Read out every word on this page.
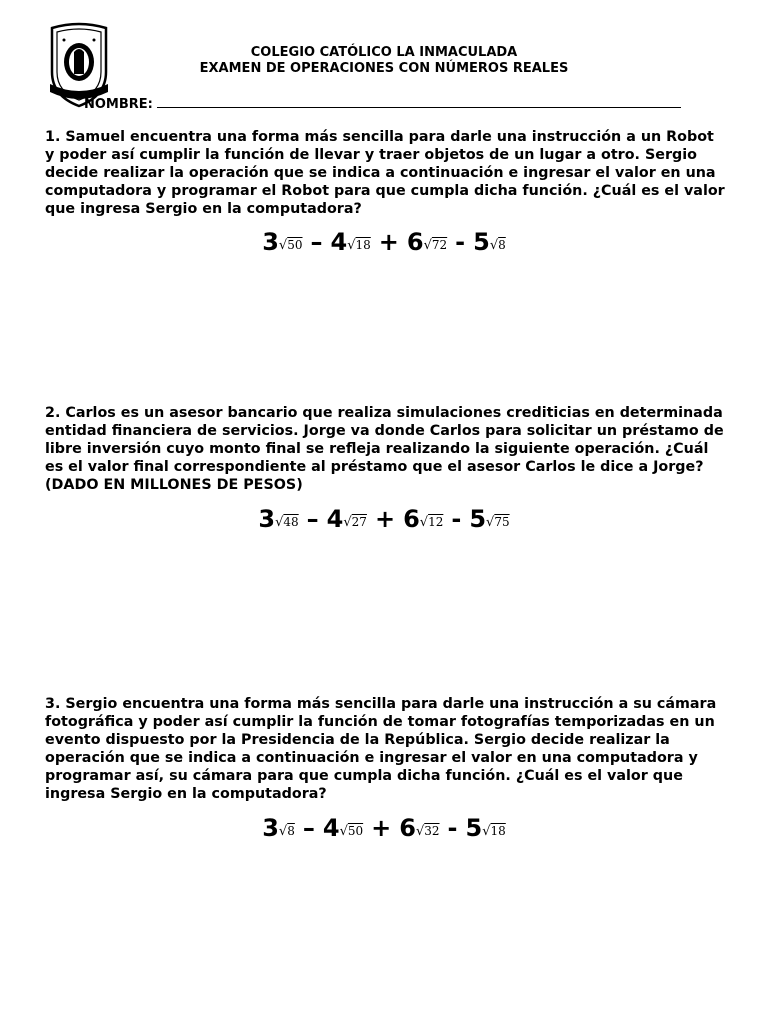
COLEGIO CATÓLICO LA INMACULADA
EXAMEN DE OPERACIONES CON NÚMEROS REALES
NOMBRE:
1. Samuel encuentra una forma más sencilla para darle una instrucción a un Robot y poder así cumplir la función de llevar y traer objetos de un lugar a otro. Sergio decide realizar la operación que se indica a continuación e ingresar el valor en una computadora y programar el Robot para que cumpla dicha función. ¿Cuál es el valor que ingresa Sergio en la computadora?
3√50 – 4√18 + 6√72 - 5√8
2. Carlos es un asesor bancario que realiza simulaciones crediticias en determinada entidad financiera de servicios. Jorge va donde Carlos para solicitar un préstamo de libre inversión cuyo monto final se refleja realizando la siguiente operación. ¿Cuál es el valor final correspondiente al préstamo que el asesor Carlos le dice a Jorge? (DADO EN MILLONES DE PESOS)
3√48 – 4√27 + 6√12 - 5√75
3. Sergio encuentra una forma más sencilla para darle una instrucción a su cámara fotográfica y poder así cumplir la función de tomar fotografías temporizadas en un evento dispuesto por la Presidencia de la República. Sergio decide realizar la operación que se indica a continuación e ingresar el valor en una computadora y programar así, su cámara para que cumpla dicha función. ¿Cuál es el valor que ingresa Sergio en la computadora?
3√8 – 4√50 + 6√32 - 5√18
